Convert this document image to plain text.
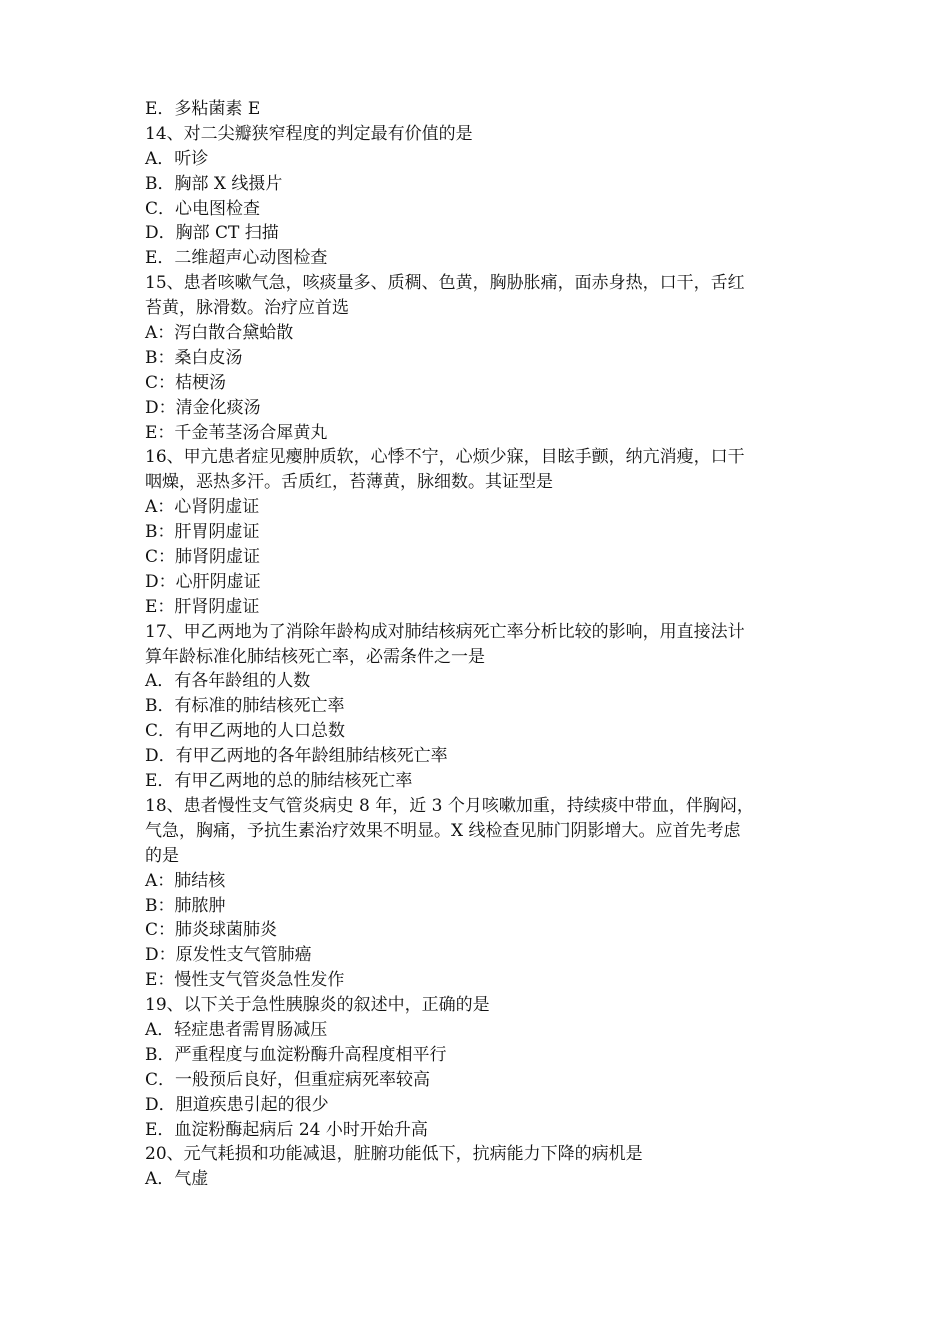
E．多粘菌素 E
14、对二尖瓣狭窄程度的判定最有价值的是
A．听诊
B．胸部 X 线摄片
C．心电图检查
D．胸部 CT 扫描
E．二维超声心动图检查
15、患者咳嗽气急，咳痰量多、质稠、色黄，胸胁胀痛，面赤身热，口干，舌红
苔黄，脉滑数。治疗应首选
A：泻白散合黛蛤散
B：桑白皮汤
C：桔梗汤
D：清金化痰汤
E：千金苇茎汤合犀黄丸
16、甲亢患者症见瘿肿质软，心悸不宁，心烦少寐，目眩手颤，纳亢消瘦，口干
咽燥，恶热多汗。舌质红，苔薄黄，脉细数。其证型是
A：心肾阴虚证
B：肝胃阴虚证
C：肺肾阴虚证
D：心肝阴虚证
E：肝肾阴虚证
17、甲乙两地为了消除年龄构成对肺结核病死亡率分析比较的影响，用直接法计
算年龄标准化肺结核死亡率，必需条件之一是
A．有各年龄组的人数
B．有标准的肺结核死亡率
C．有甲乙两地的人口总数
D．有甲乙两地的各年龄组肺结核死亡率
E．有甲乙两地的总的肺结核死亡率
18、患者慢性支气管炎病史 8 年，近 3 个月咳嗽加重，持续痰中带血，伴胸闷，
气急，胸痛，予抗生素治疗效果不明显。X 线检查见肺门阴影增大。应首先考虑
的是
A：肺结核
B：肺脓肿
C：肺炎球菌肺炎
D：原发性支气管肺癌
E：慢性支气管炎急性发作
19、以下关于急性胰腺炎的叙述中，正确的是
A．轻症患者需胃肠减压
B．严重程度与血淀粉酶升高程度相平行
C．一般预后良好，但重症病死率较高
D．胆道疾患引起的很少
E．血淀粉酶起病后 24 小时开始升高
20、元气耗损和功能减退，脏腑功能低下，抗病能力下降的病机是
A．气虚
